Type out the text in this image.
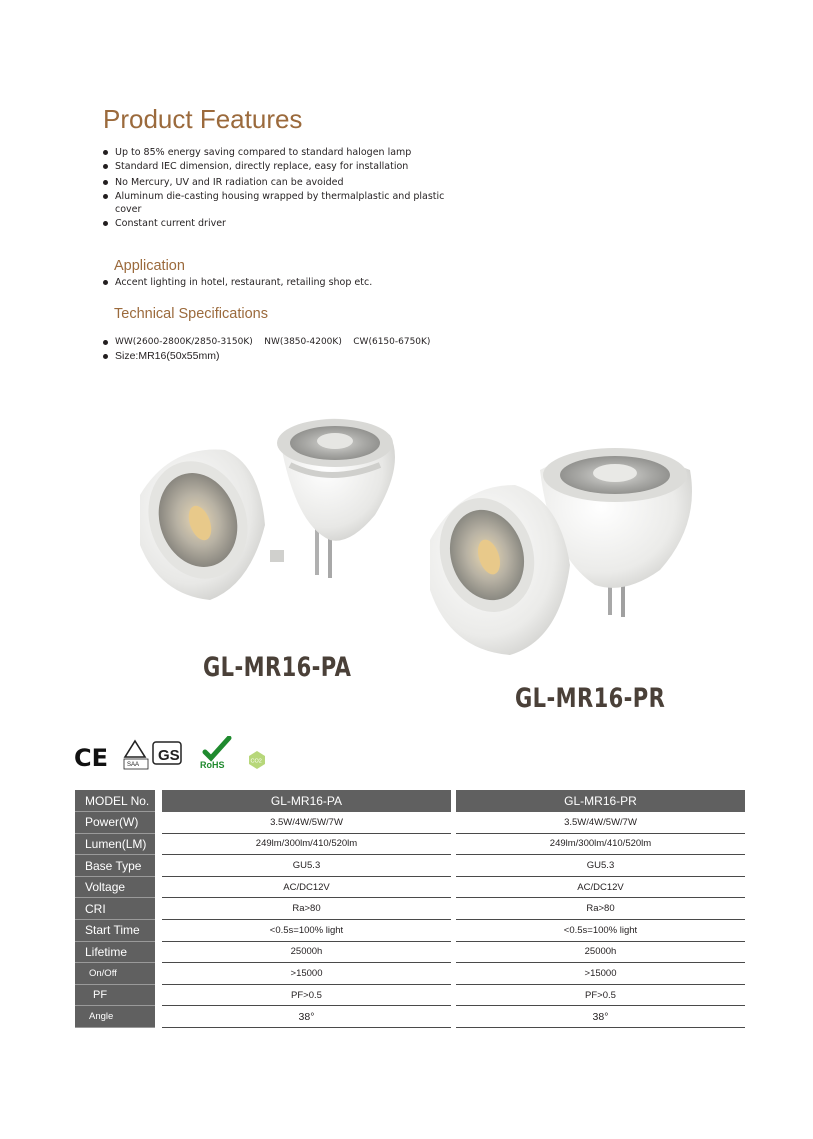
Product Features
Up to 85% energy saving compared to standard halogen lamp
Standard IEC dimension, directly replace, easy for installation
No Mercury, UV and IR radiation can be avoided
Aluminum die-casting housing wrapped by thermalplastic and plastic cover
Constant current driver
Application
Accent lighting in hotel, restaurant, retailing shop etc.
Technical Specifications
WW(2600-2800K/2850-3150K)    NW(3850-4200K)    CW(6150-6750K)
Size:MR16(50x55mm)
GL-MR16-PA
GL-MR16-PR
CE	SAA
GS
RoHS	CO2
MODEL No.		GL-MR16-PA		GL-MR16-PR
Power(W)		3.5W/4W/5W/7W		3.5W/4W/5W/7W
Lumen(LM)		249lm/300lm/410/520lm		249lm/300lm/410/520lm
Base Type		GU5.3		GU5.3
Voltage		AC/DC12V		AC/DC12V
CRI		Ra>80		Ra>80
Start Time		<0.5s=100% light		<0.5s=100% light
Lifetime		25000h		25000h
On/Off		>15000		>15000
PF		PF>0.5		PF>0.5
Angle		38°		38°
